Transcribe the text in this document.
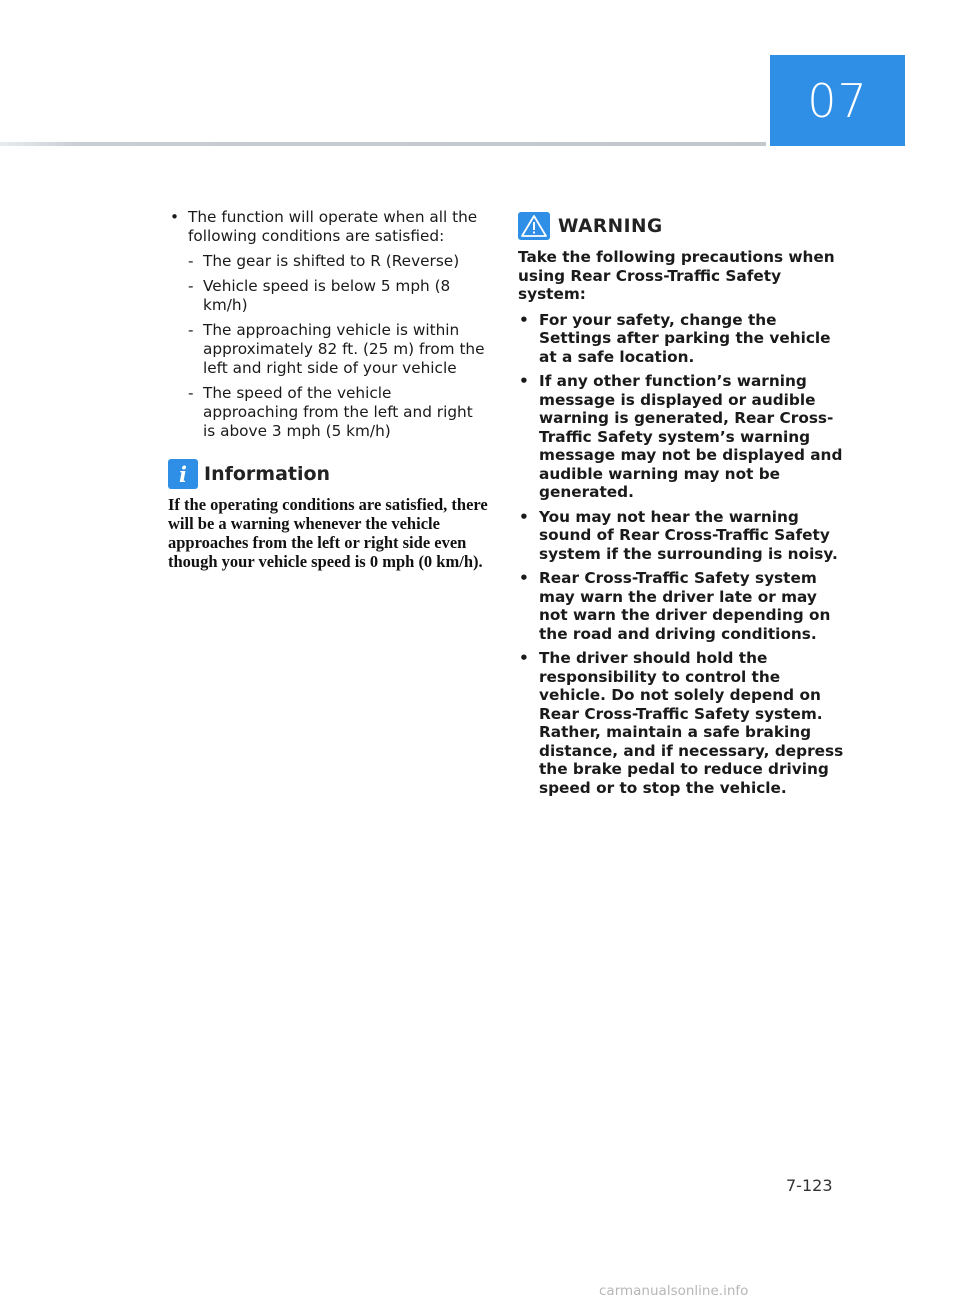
07
• The function will operate when all the following conditions are satisfied:
- The gear is shifted to R (Reverse)
- Vehicle speed is below 5 mph (8 km/h)
- The approaching vehicle is within approximately 82 ft. (25 m) from the left and right side of your vehicle
- The speed of the vehicle approaching from the left and right is above 3 mph (5 km/h)
i Information
If the operating conditions are satisfied, there will be a warning whenever the vehicle approaches from the left or right side even though your vehicle speed is 0 mph (0 km/h).
WARNING
Take the following precautions when using Rear Cross-Traffic Safety system:
• For your safety, change the Settings after parking the vehicle at a safe location.
• If any other function’s warning message is displayed or audible warning is generated, Rear Cross-Traffic Safety system’s warning message may not be displayed and audible warning may not be generated.
• You may not hear the warning sound of Rear Cross-Traffic Safety system if the surrounding is noisy.
• Rear Cross-Traffic Safety system may warn the driver late or may not warn the driver depending on the road and driving conditions.
• The driver should hold the responsibility to control the vehicle. Do not solely depend on Rear Cross-Traffic Safety system. Rather, maintain a safe braking distance, and if necessary, depress the brake pedal to reduce driving speed or to stop the vehicle.
7-123
carmanualsonline.info
